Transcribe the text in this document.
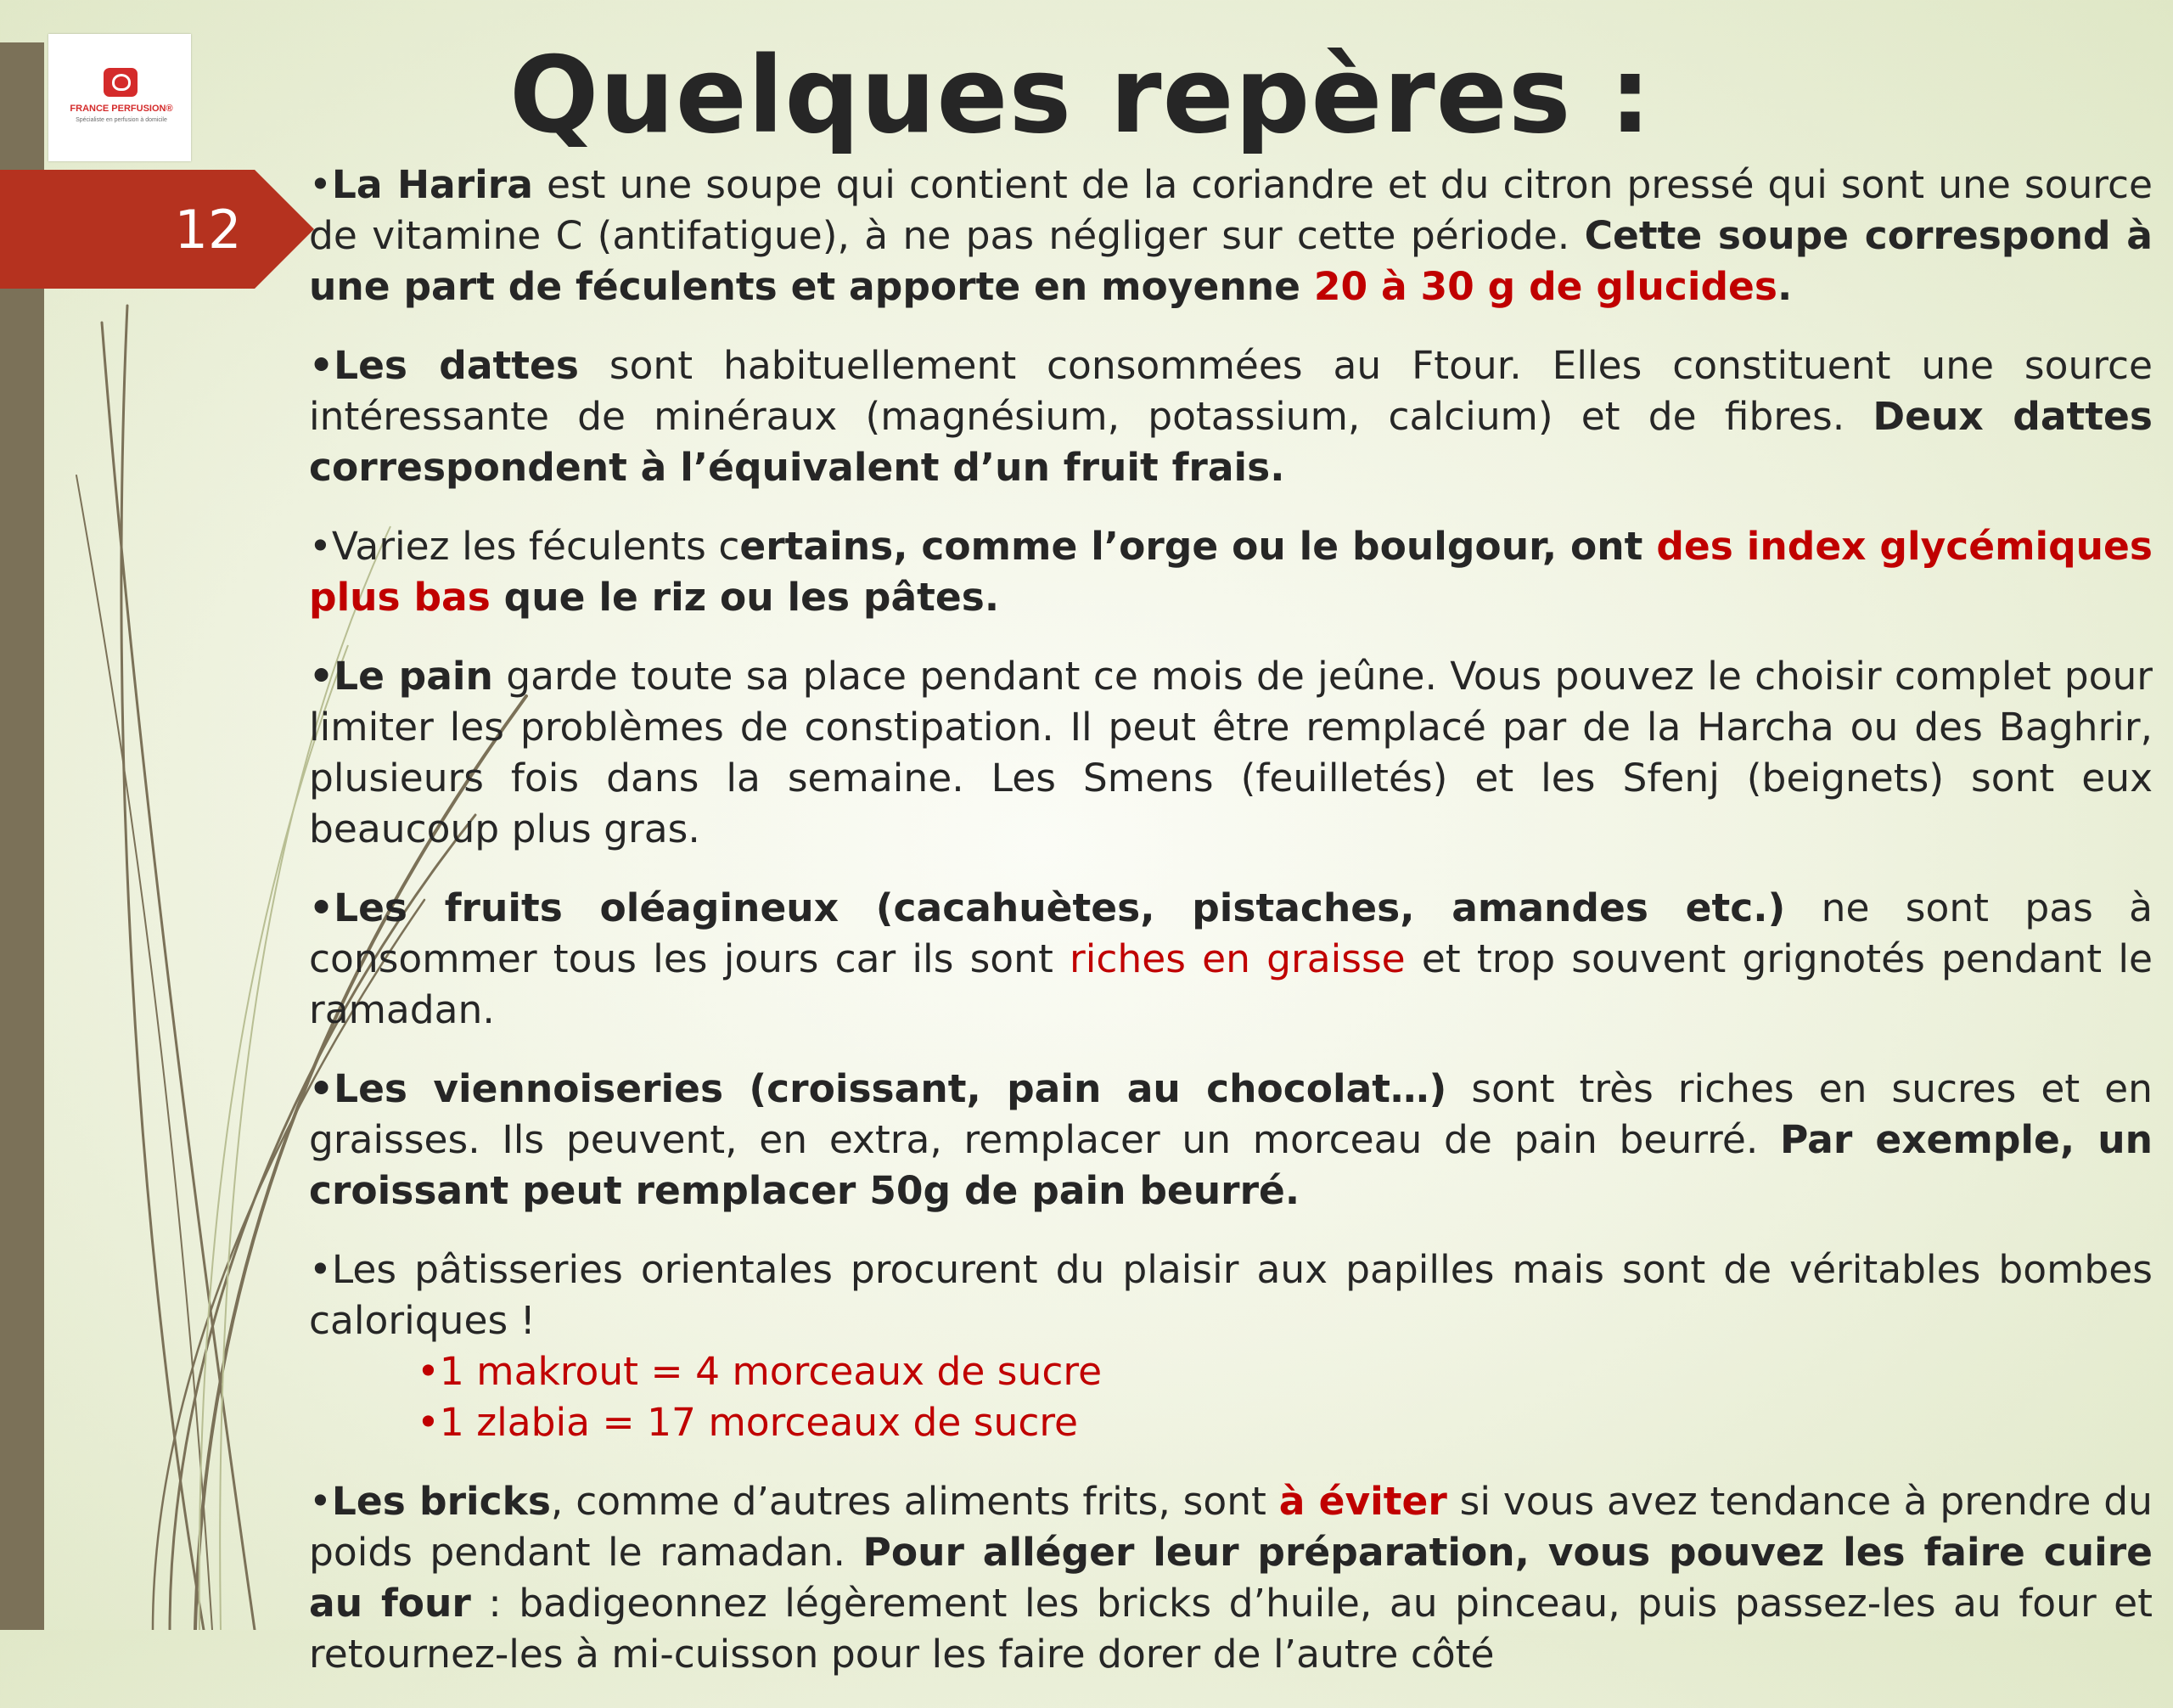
FRANCE PERFUSION®
Spécialiste en perfusion à domicile
12
Quelques repères :
•La Harira est une soupe qui contient de la coriandre et du citron pressé qui sont une source de vitamine C (antifatigue), à ne pas négliger sur cette période. Cette soupe correspond à une part de féculents et apporte en moyenne 20 à 30 g de glucides.
•Les dattes sont habituellement consommées au Ftour. Elles constituent une source intéressante de minéraux (magnésium, potassium, calcium) et de fibres. Deux dattes correspondent à l’équivalent d’un fruit frais.
•Variez les féculents certains, comme l’orge ou le boulgour, ont des index glycémiques plus bas que le riz ou les pâtes.
•Le pain garde toute sa place pendant ce mois de jeûne. Vous pouvez le choisir complet pour limiter les problèmes de constipation. Il peut être remplacé par de la Harcha ou des Baghrir, plusieurs fois dans la semaine. Les Smens (feuilletés) et les Sfenj (beignets) sont eux beaucoup plus gras.
•Les fruits oléagineux (cacahuètes, pistaches, amandes etc.) ne sont pas à consommer tous les jours car ils sont riches en graisse et trop souvent grignotés pendant le ramadan.
•Les viennoiseries (croissant, pain au chocolat…) sont très riches en sucres et en graisses. Ils peuvent, en extra, remplacer un morceau de pain beurré. Par exemple, un croissant peut remplacer 50g de pain beurré.
•Les pâtisseries orientales procurent du plaisir aux papilles mais sont de véritables bombes caloriques !
•1 makrout = 4 morceaux de sucre
•1 zlabia = 17 morceaux de sucre
•Les bricks, comme d’autres aliments frits, sont à éviter si vous avez tendance à prendre du poids pendant le ramadan. Pour alléger leur préparation, vous pouvez les faire cuire au four : badigeonnez légèrement les bricks d’huile, au pinceau, puis passez-les au four et retournez-les à mi-cuisson pour les faire dorer de l’autre côté
